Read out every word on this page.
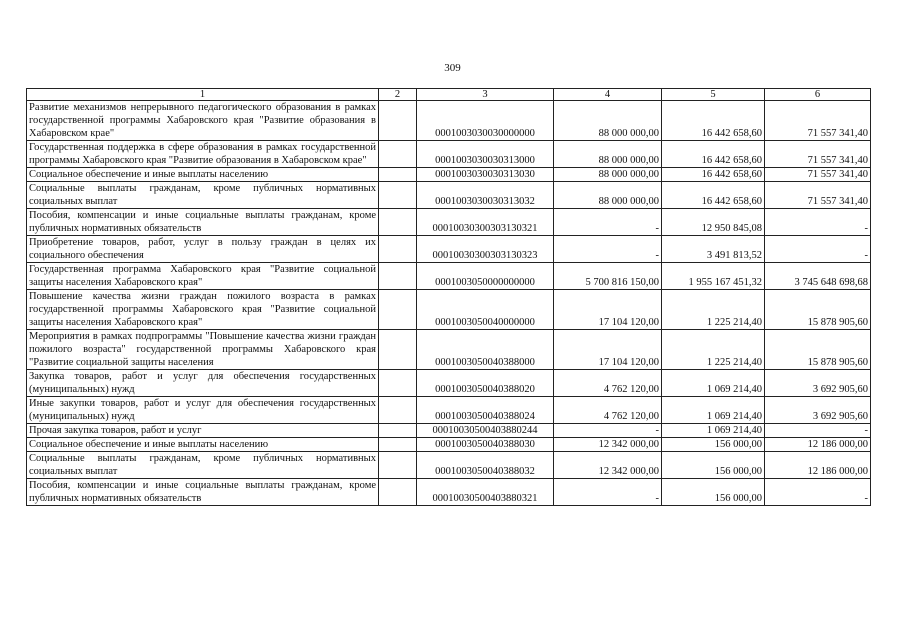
309
1	2	3	4	5	6
Развитие механизмов непрерывного педагогического образования в рамках государственной программы Хабаровского края "Развитие образования в Хабаровском крае"		0001003030030000000	88 000 000,00	16 442 658,60	71 557 341,40
Государственная поддержка в сфере образования в рамках государственной программы Хабаровского края "Развитие образования в Хабаровском крае"		0001003030030313000	88 000 000,00	16 442 658,60	71 557 341,40
Социальное обеспечение и иные выплаты населению		0001003030030313030	88 000 000,00	16 442 658,60	71 557 341,40
Социальные выплаты гражданам, кроме публичных нормативных социальных выплат		0001003030030313032	88 000 000,00	16 442 658,60	71 557 341,40
Пособия, компенсации и иные социальные выплаты гражданам, кроме публичных нормативных обязательств		00010030300303130321	-	12 950 845,08	-
Приобретение товаров, работ, услуг в пользу граждан в целях их социального обеспечения		00010030300303130323	-	3 491 813,52	-
Государственная программа Хабаровского края "Развитие социальной защиты населения Хабаровского края"		0001003050000000000	5 700 816 150,00	1 955 167 451,32	3 745 648 698,68
Повышение качества жизни граждан пожилого возраста в рамках государственной программы Хабаровского края "Развитие социальной защиты населения Хабаровского края"		0001003050040000000	17 104 120,00	1 225 214,40	15 878 905,60
Мероприятия в рамках подпрограммы "Повышение качества жизни граждан пожилого возраста" государственной программы Хабаровского края "Развитие социальной защиты населения		0001003050040388000	17 104 120,00	1 225 214,40	15 878 905,60
Закупка товаров, работ и услуг для обеспечения государственных (муниципальных) нужд		0001003050040388020	4 762 120,00	1 069 214,40	3 692 905,60
Иные закупки товаров, работ и услуг для обеспечения государственных (муниципальных) нужд		0001003050040388024	4 762 120,00	1 069 214,40	3 692 905,60
Прочая закупка товаров, работ и услуг		00010030500403880244	-	1 069 214,40	-
Социальное обеспечение и иные выплаты населению		0001003050040388030	12 342 000,00	156 000,00	12 186 000,00
Социальные выплаты гражданам, кроме публичных нормативных социальных выплат		0001003050040388032	12 342 000,00	156 000,00	12 186 000,00
Пособия, компенсации и иные социальные выплаты гражданам, кроме публичных нормативных обязательств		00010030500403880321	-	156 000,00	-
